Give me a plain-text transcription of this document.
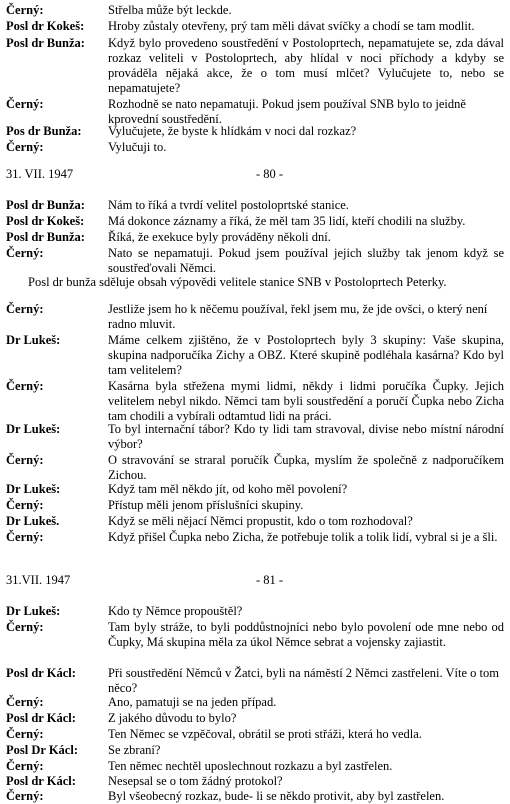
Černý:	Střelba může být leckde.
Posl dr Kokeš: Hroby zůstaly otevřeny, prý tam měli dávat svíčky a chodí se tam modlit.
Posl dr Bunža: Když bylo provedeno soustředění v Postoloprtech, nepamatujete se, zda dával rozkaz veliteli v Postoloprtech, aby hlídal v noci příchody a kdyby se prováděla nějaká akce, že o tom musí mlčet? Vylučujete to, nebo se nepamatujete?
Černý:	Rozhodně se nato nepamatuji. Pokud jsem používal SNB bylo to jeidně kprovední soustředění.
Pos dr Bunža: Vylučujete, že byste k hlídkám v noci dal rozkaz?
Černý:	Vylučuji to.
31. VII. 1947	- 80 -
Posl dr Bunža: Nám to říká a tvrdí velitel postoloprtské stanice.
Posl dr Kokeš: Má dokonce záznamy a říká, že měl tam 35 lidí, kteří chodili na služby.
Posl dr Bunža: Říká, že exekuce byly prováděny několi dní.
Černý:	Nato se nepamatuji. Pokud jsem používal jejich služby tak jenom když se soustřeďovali Němci.
Posl dr bunža sděluje obsah výpovědi velitele stanice SNB v Postoloprtech Peterky.
Černý:	Jestliže jsem ho k něčemu používal, řekl jsem mu, že jde ovšci, o který není radno mluvit.
Dr Lukeš:	Máme celkem zjištěno, že v Postoloprtech byly 3 skupiny: Vaše skupina, skupina nadporučíka Zichy a OBZ. Které skupině podléhala kasárna? Kdo byl tam velitelem?
Černý:	Kasárna byla střežena mymi lidmi, někdy i lidmi poručíka Čupky. Jejich velitelem nebyl nikdo. Němci tam byli soustředění a poručí Čupka nebo Zicha tam chodili a vybírali odtamtud lidi na práci.
Dr Lukeš:	To byl internační tábor? Kdo ty lidi tam stravoval, divise nebo místní národní výbor?
Černý:	O stravování se straral poručík Čupka, myslím že společně z nadporučíkem Zichou.
Dr Lukeš:	Když tam měl někdo jít, od koho měl povolení?
Černý:	Přístup měli jenom příslušníci skupiny.
Dr Lukeš.	Když se měli nějací Němci propustit, kdo o tom rozhodoval?
Černý:	Když přišel Čupka nebo Zicha, že potřebuje tolik a tolik lidí, vybral si je a šli.
31.VII. 1947	- 81 -
Dr Lukeš:	Kdo ty Němce propouštěl?
Černý:	Tam byly stráže, to byli poddůstnojníci nebo bylo povolení ode mne nebo od Čupky, Má skupina měla za úkol Němce sebrat a vojensky zajiastit.
Posl dr Kácl:	Při soustředění Němců v Žatci, byli na náměstí 2 Němci zastřeleni. Víte o tom něco?
Černý:	Ano, pamatuji se na jeden případ.
Posl dr Kácl:	Z jakého důvodu to bylo?
Černý:	Ten Němec se vzpěčoval, obrátil se proti střáži, která ho vedla.
Posl Dr Kácl: Se zbraní?
Černý:	Ten němec nechtěl uposlechnout rozkazu a byl zastřelen.
Posl dr Kácl:	Nesepsal se o tom žádný protokol?
Černý:	Byl všeobecný rozkaz, bude- li se někdo protivit, aby byl zastřelen.
